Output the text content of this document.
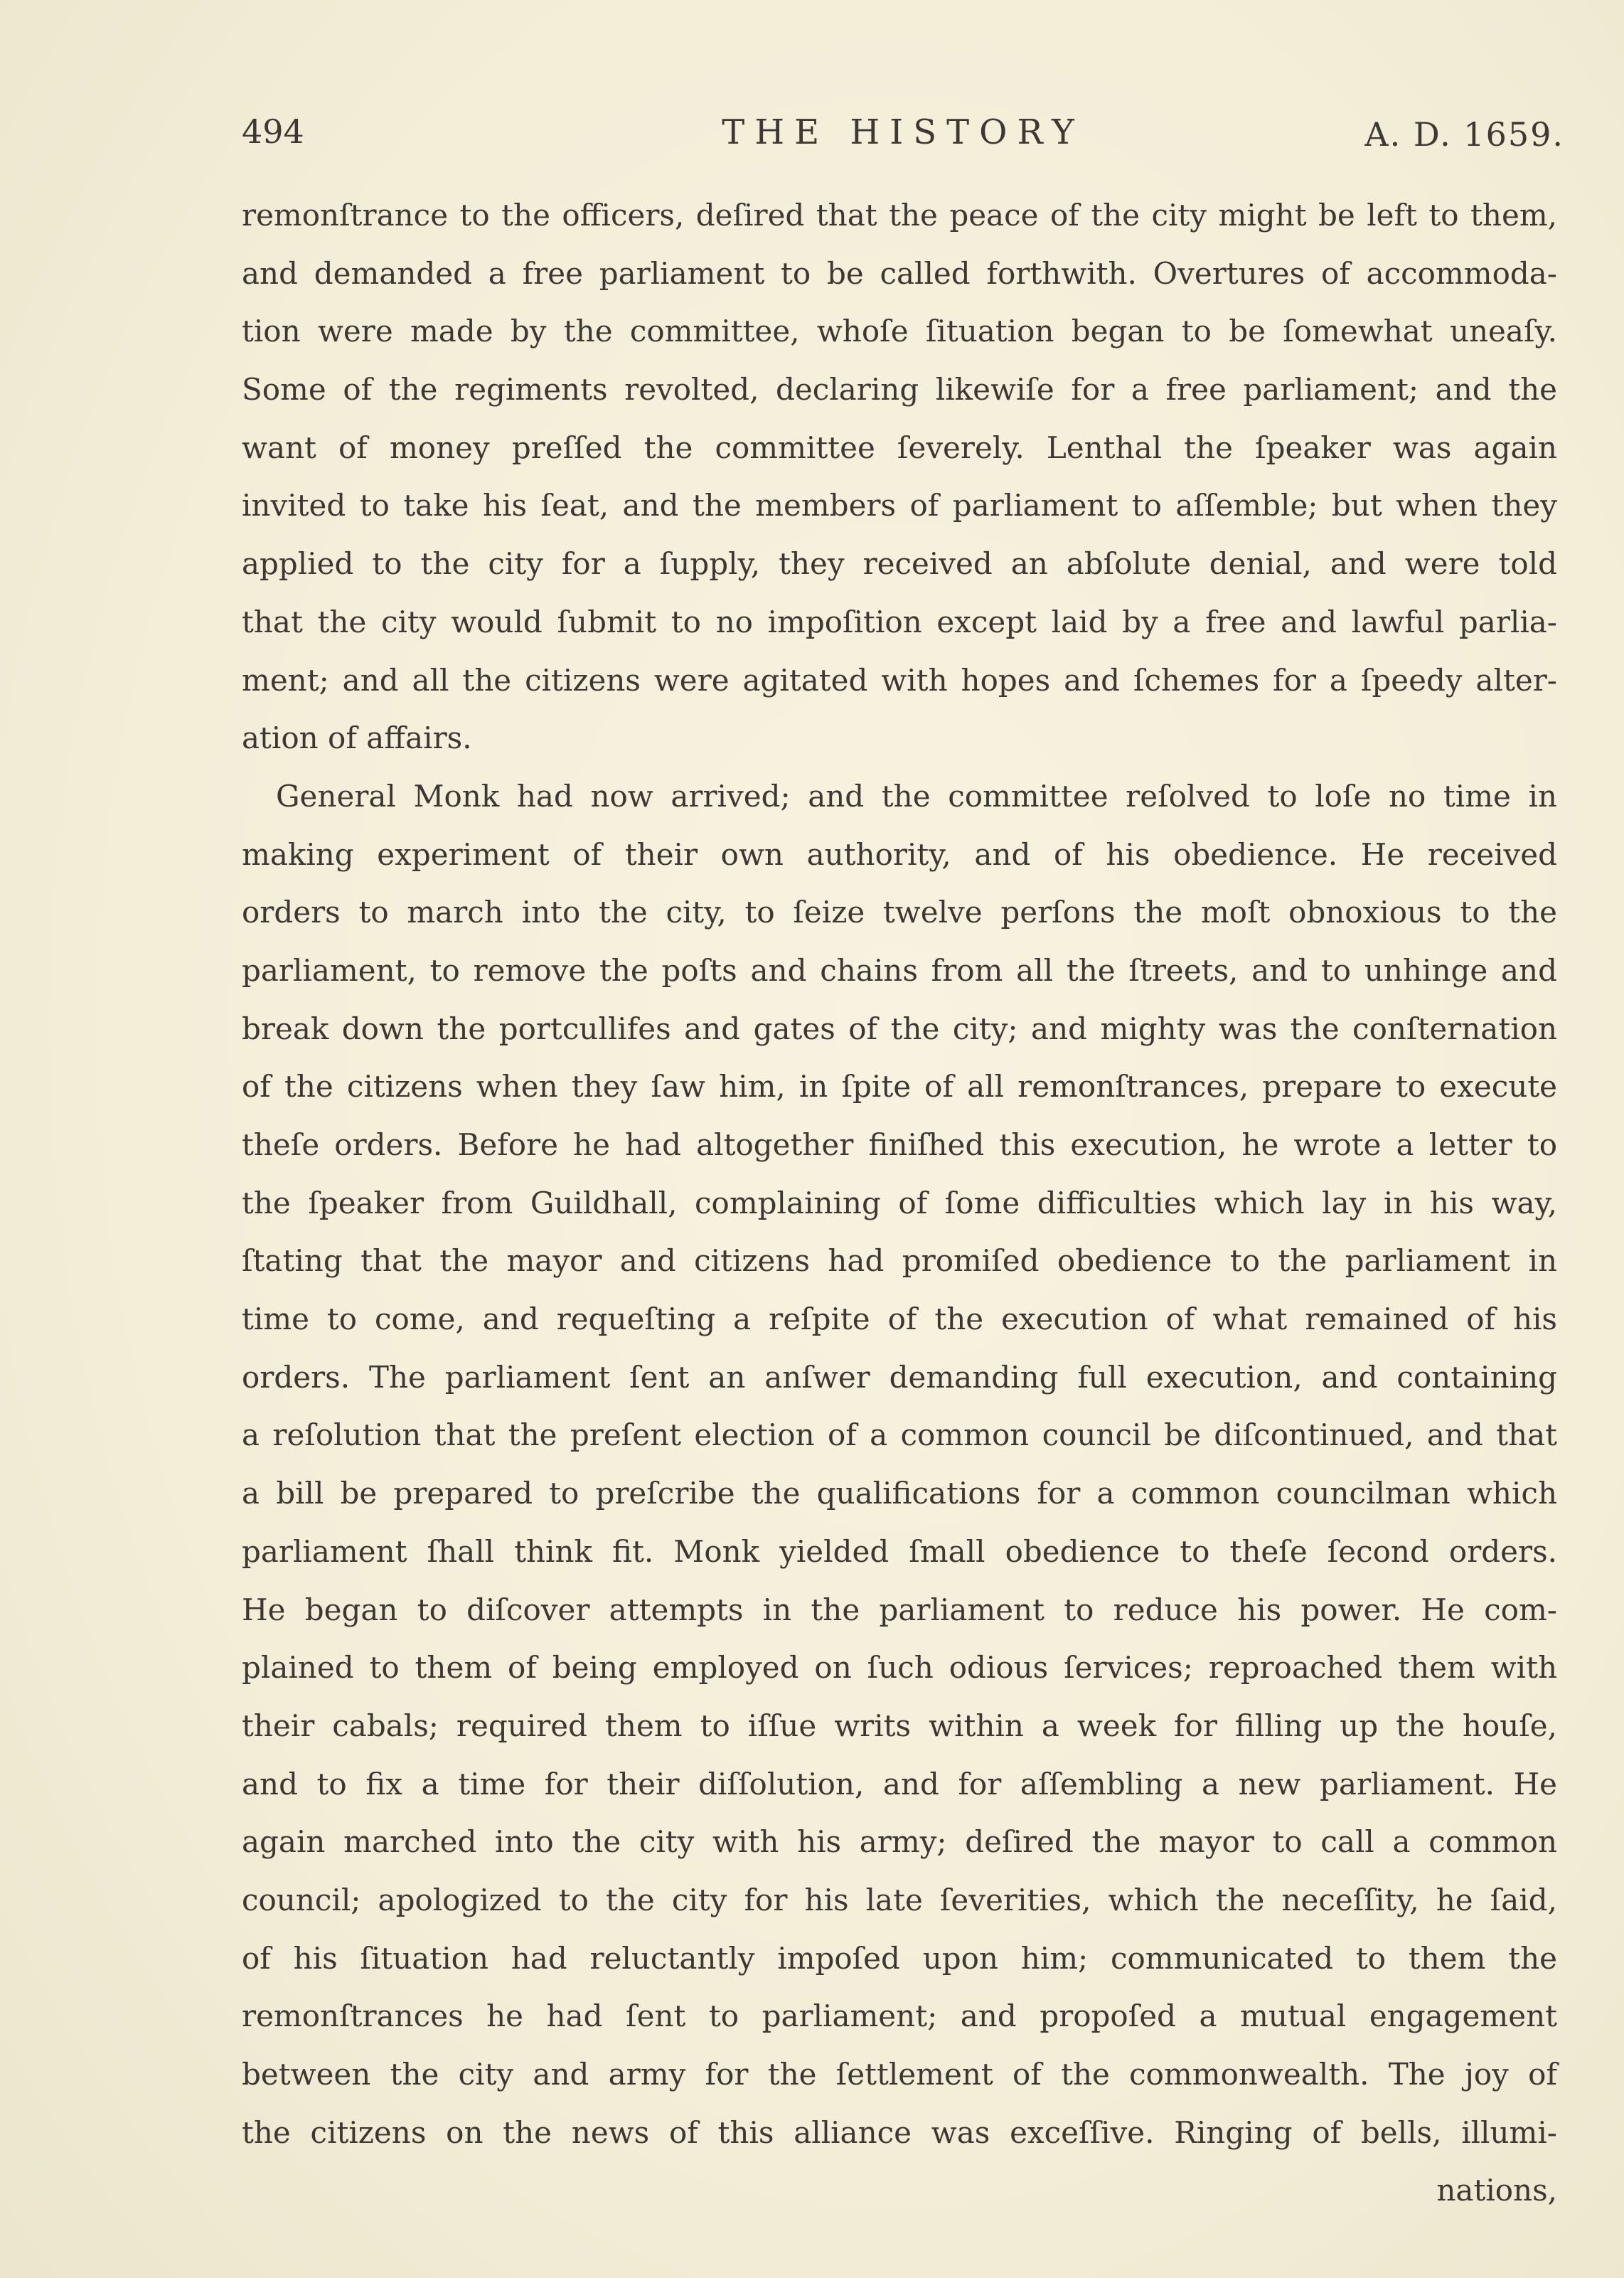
494	THE HISTORY	A. D. 1659.
remonſtrance to the officers, deſired that the peace of the city might be left to them,
and demanded a free parliament to be called forthwith. Overtures of accommoda-
tion were made by the committee, whoſe ſituation began to be ſomewhat uneaſy.
Some of the regiments revolted, declaring likewiſe for a free parliament; and the
want of money preſſed the committee ſeverely. Lenthal the ſpeaker was again
invited to take his ſeat, and the members of parliament to aſſemble; but when they
applied to the city for a ſupply, they received an abſolute denial, and were told
that the city would ſubmit to no impoſition except laid by a free and lawful parlia-
ment; and all the citizens were agitated with hopes and ſchemes for a ſpeedy alter-
ation of affairs.
General Monk had now arrived; and the committee reſolved to loſe no time in
making experiment of their own authority, and of his obedience. He received
orders to march into the city, to ſeize twelve perſons the moſt obnoxious to the
parliament, to remove the poſts and chains from all the ſtreets, and to unhinge and
break down the portcullifes and gates of the city; and mighty was the conſternation
of the citizens when they ſaw him, in ſpite of all remonſtrances, prepare to execute
theſe orders. Before he had altogether finiſhed this execution, he wrote a letter to
the ſpeaker from Guildhall, complaining of ſome difficulties which lay in his way,
ſtating that the mayor and citizens had promiſed obedience to the parliament in
time to come, and requeſting a reſpite of the execution of what remained of his
orders. The parliament ſent an anſwer demanding full execution, and containing
a reſolution that the preſent election of a common council be diſcontinued, and that
a bill be prepared to preſcribe the qualifications for a common councilman which
parliament ſhall think fit. Monk yielded ſmall obedience to theſe ſecond orders.
He began to diſcover attempts in the parliament to reduce his power. He com-
plained to them of being employed on ſuch odious ſervices; reproached them with
their cabals; required them to iſſue writs within a week for filling up the houſe,
and to fix a time for their diſſolution, and for aſſembling a new parliament. He
again marched into the city with his army; deſired the mayor to call a common
council; apologized to the city for his late ſeverities, which the neceſſity, he ſaid,
of his ſituation had reluctantly impoſed upon him; communicated to them the
remonſtrances he had ſent to parliament; and propoſed a mutual engagement
between the city and army for the ſettlement of the commonwealth. The joy of
the citizens on the news of this alliance was exceſſive. Ringing of bells, illumi-
nations,
